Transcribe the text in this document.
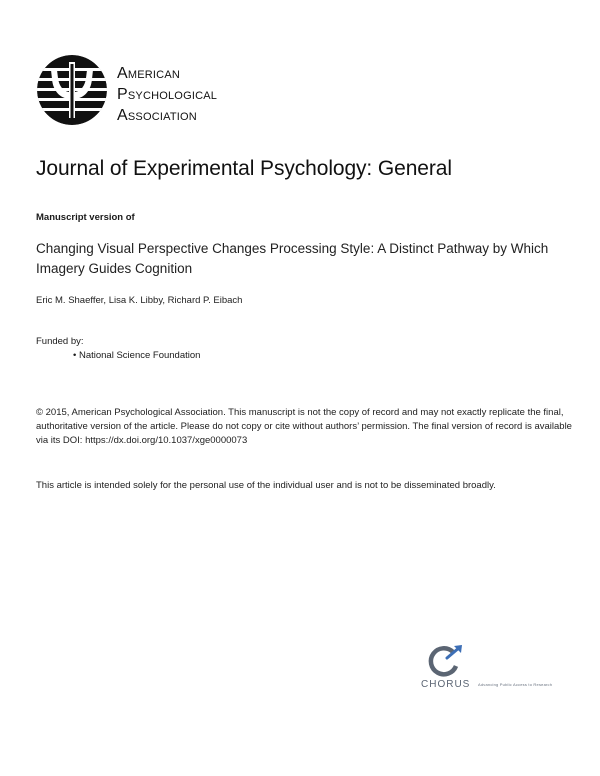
American
Psychological
Association
Journal of Experimental Psychology: General
Manuscript version of
Changing Visual Perspective Changes Processing Style: A Distinct Pathway by Which Imagery Guides Cognition
Eric M. Shaeffer, Lisa K. Libby, Richard P. Eibach
Funded by:
• National Science Foundation
© 2015, American Psychological Association. This manuscript is not the copy of record and may not exactly replicate the final, authoritative version of the article. Please do not copy or cite without authors’ permission. The final version of record is available via its DOI: https://dx.doi.org/10.1037/xge0000073
This article is intended solely for the personal use of the individual user and is not to be disseminated broadly.
CHORUS Advancing Public Access to Research
